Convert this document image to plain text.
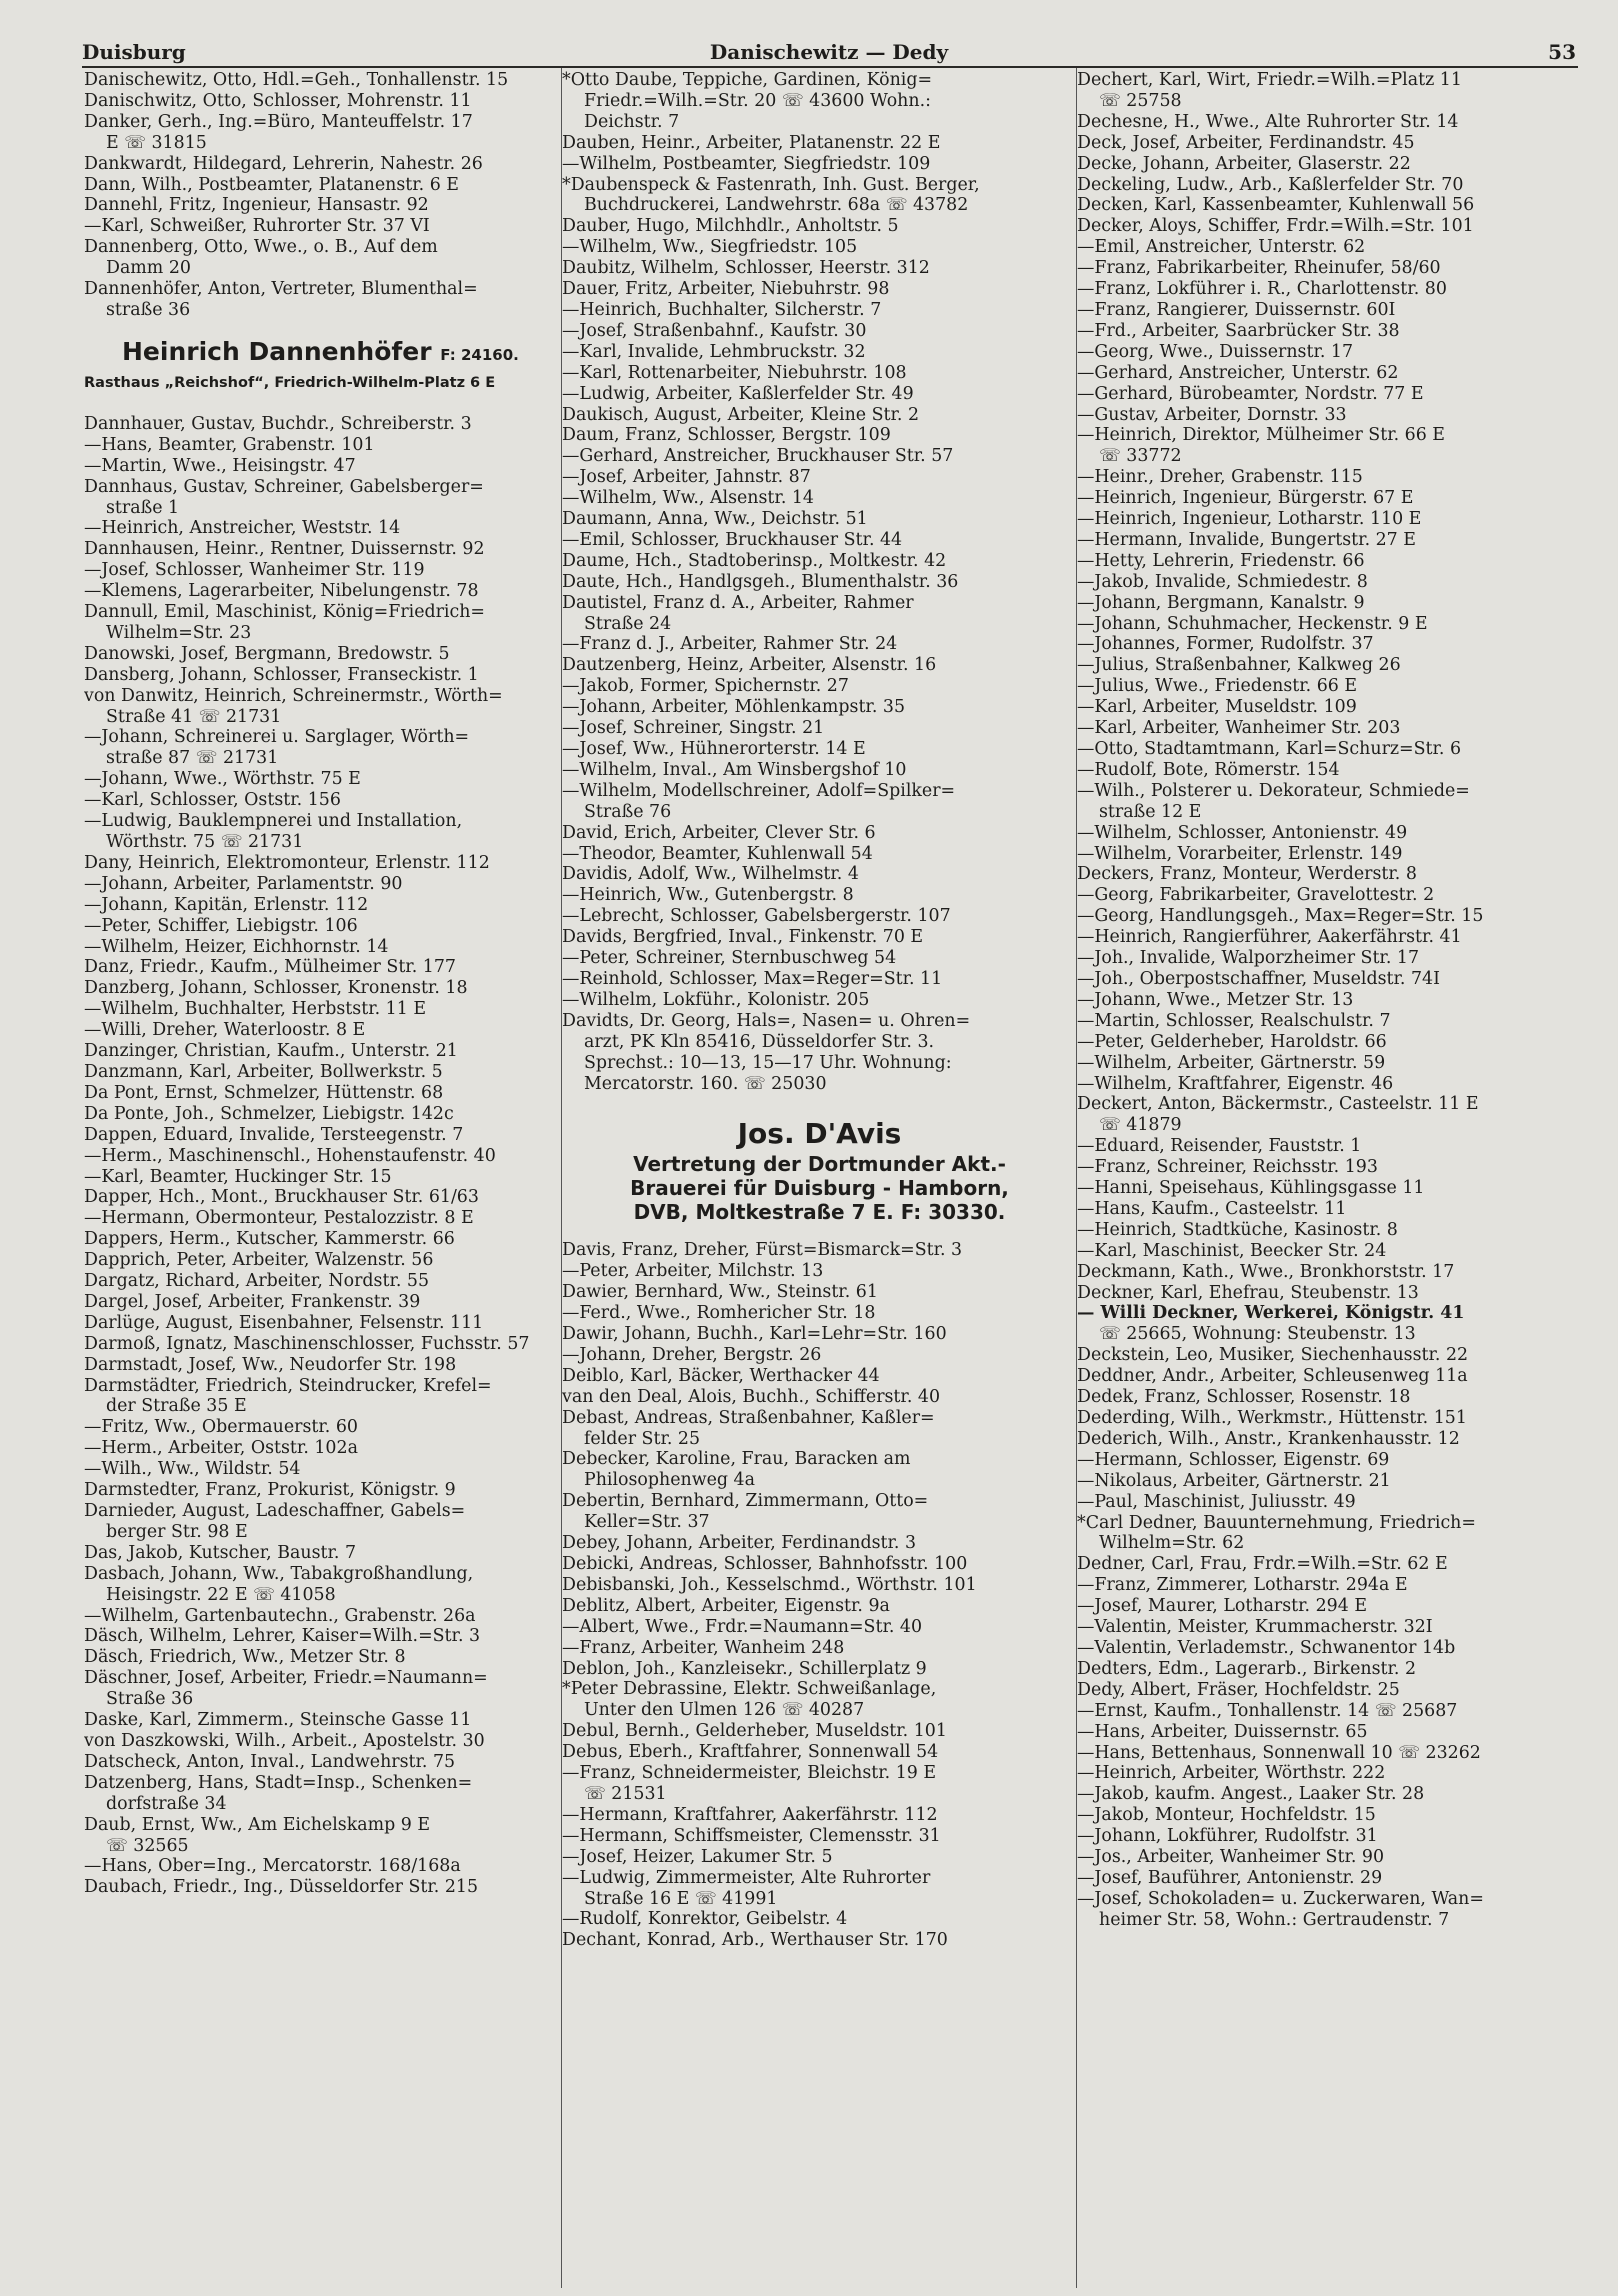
Duisburg	Danischewitz — Dedy	53
Danischewitz, Otto, Hdl.=Geh., Tonhallenstr. 15
Danischwitz, Otto, Schlosser, Mohrenstr. 11
Danker, Gerh., Ing.=Büro, Manteuffelstr. 17
E ☏ 31815
Dankwardt, Hildegard, Lehrerin, Nahestr. 26
Dann, Wilh., Postbeamter, Platanenstr. 6 E
Dannehl, Fritz, Ingenieur, Hansastr. 92
—Karl, Schweißer, Ruhrorter Str. 37 VI
Dannenberg, Otto, Wwe., o. B., Auf dem
Damm 20
Dannenhöfer, Anton, Vertreter, Blumenthal=
straße 36
Heinrich Dannenhöfer F: 24160.
Rasthaus „Reichshof“, Friedrich-Wilhelm-Platz 6 E
Dannhauer, Gustav, Buchdr., Schreiberstr. 3
—Hans, Beamter, Grabenstr. 101
—Martin, Wwe., Heisingstr. 47
Dannhaus, Gustav, Schreiner, Gabelsberger=
straße 1
—Heinrich, Anstreicher, Weststr. 14
Dannhausen, Heinr., Rentner, Duissernstr. 92
—Josef, Schlosser, Wanheimer Str. 119
—Klemens, Lagerarbeiter, Nibelungenstr. 78
Dannull, Emil, Maschinist, König=Friedrich=
Wilhelm=Str. 23
Danowski, Josef, Bergmann, Bredowstr. 5
Dansberg, Johann, Schlosser, Franseckistr. 1
von Danwitz, Heinrich, Schreinermstr., Wörth=
Straße 41 ☏ 21731
—Johann, Schreinerei u. Sarglager, Wörth=
straße 87 ☏ 21731
—Johann, Wwe., Wörthstr. 75 E
—Karl, Schlosser, Oststr. 156
—Ludwig, Bauklempnerei und Installation,
Wörthstr. 75 ☏ 21731
Dany, Heinrich, Elektromonteur, Erlenstr. 112
—Johann, Arbeiter, Parlamentstr. 90
—Johann, Kapitän, Erlenstr. 112
—Peter, Schiffer, Liebigstr. 106
—Wilhelm, Heizer, Eichhornstr. 14
Danz, Friedr., Kaufm., Mülheimer Str. 177
Danzberg, Johann, Schlosser, Kronenstr. 18
—Wilhelm, Buchhalter, Herbststr. 11 E
—Willi, Dreher, Waterloostr. 8 E
Danzinger, Christian, Kaufm., Unterstr. 21
Danzmann, Karl, Arbeiter, Bollwerkstr. 5
Da Pont, Ernst, Schmelzer, Hüttenstr. 68
Da Ponte, Joh., Schmelzer, Liebigstr. 142c
Dappen, Eduard, Invalide, Tersteegenstr. 7
—Herm., Maschinenschl., Hohenstaufenstr. 40
—Karl, Beamter, Huckinger Str. 15
Dapper, Hch., Mont., Bruckhauser Str. 61/63
—Hermann, Obermonteur, Pestalozzistr. 8 E
Dappers, Herm., Kutscher, Kammerstr. 66
Dapprich, Peter, Arbeiter, Walzenstr. 56
Dargatz, Richard, Arbeiter, Nordstr. 55
Dargel, Josef, Arbeiter, Frankenstr. 39
Darlüge, August, Eisenbahner, Felsenstr. 111
Darmoß, Ignatz, Maschinenschlosser, Fuchsstr. 57
Darmstadt, Josef, Ww., Neudorfer Str. 198
Darmstädter, Friedrich, Steindrucker, Krefel=
der Straße 35 E
—Fritz, Ww., Obermauerstr. 60
—Herm., Arbeiter, Oststr. 102a
—Wilh., Ww., Wildstr. 54
Darmstedter, Franz, Prokurist, Königstr. 9
Darnieder, August, Ladeschaffner, Gabels=
berger Str. 98 E
Das, Jakob, Kutscher, Baustr. 7
Dasbach, Johann, Ww., Tabakgroßhandlung,
Heisingstr. 22 E ☏ 41058
—Wilhelm, Gartenbautechn., Grabenstr. 26a
Däsch, Wilhelm, Lehrer, Kaiser=Wilh.=Str. 3
Däsch, Friedrich, Ww., Metzer Str. 8
Däschner, Josef, Arbeiter, Friedr.=Naumann=
Straße 36
Daske, Karl, Zimmerm., Steinsche Gasse 11
von Daszkowski, Wilh., Arbeit., Apostelstr. 30
Datscheck, Anton, Inval., Landwehrstr. 75
Datzenberg, Hans, Stadt=Insp., Schenken=
dorfstraße 34
Daub, Ernst, Ww., Am Eichelskamp 9 E
☏ 32565
—Hans, Ober=Ing., Mercatorstr. 168/168a
Daubach, Friedr., Ing., Düsseldorfer Str. 215
*Otto Daube, Teppiche, Gardinen, König=
Friedr.=Wilh.=Str. 20 ☏ 43600 Wohn.:
Deichstr. 7
Dauben, Heinr., Arbeiter, Platanenstr. 22 E
—Wilhelm, Postbeamter, Siegfriedstr. 109
*Daubenspeck & Fastenrath, Inh. Gust. Berger,
Buchdruckerei, Landwehrstr. 68a ☏ 43782
Dauber, Hugo, Milchhdlr., Anholtstr. 5
—Wilhelm, Ww., Siegfriedstr. 105
Daubitz, Wilhelm, Schlosser, Heerstr. 312
Dauer, Fritz, Arbeiter, Niebuhrstr. 98
—Heinrich, Buchhalter, Silcherstr. 7
—Josef, Straßenbahnf., Kaufstr. 30
—Karl, Invalide, Lehmbruckstr. 32
—Karl, Rottenarbeiter, Niebuhrstr. 108
—Ludwig, Arbeiter, Kaßlerfelder Str. 49
Daukisch, August, Arbeiter, Kleine Str. 2
Daum, Franz, Schlosser, Bergstr. 109
—Gerhard, Anstreicher, Bruckhauser Str. 57
—Josef, Arbeiter, Jahnstr. 87
—Wilhelm, Ww., Alsenstr. 14
Daumann, Anna, Ww., Deichstr. 51
—Emil, Schlosser, Bruckhauser Str. 44
Daume, Hch., Stadtoberinsp., Moltkestr. 42
Daute, Hch., Handlgsgeh., Blumenthalstr. 36
Dautistel, Franz d. A., Arbeiter, Rahmer
Straße 24
—Franz d. J., Arbeiter, Rahmer Str. 24
Dautzenberg, Heinz, Arbeiter, Alsenstr. 16
—Jakob, Former, Spichernstr. 27
—Johann, Arbeiter, Möhlenkampstr. 35
—Josef, Schreiner, Singstr. 21
—Josef, Ww., Hühnerorterstr. 14 E
—Wilhelm, Inval., Am Winsbergshof 10
—Wilhelm, Modellschreiner, Adolf=Spilker=
Straße 76
David, Erich, Arbeiter, Clever Str. 6
—Theodor, Beamter, Kuhlenwall 54
Davidis, Adolf, Ww., Wilhelmstr. 4
—Heinrich, Ww., Gutenbergstr. 8
—Lebrecht, Schlosser, Gabelsbergerstr. 107
Davids, Bergfried, Inval., Finkenstr. 70 E
—Peter, Schreiner, Sternbuschweg 54
—Reinhold, Schlosser, Max=Reger=Str. 11
—Wilhelm, Lokführ., Kolonistr. 205
Davidts, Dr. Georg, Hals=, Nasen= u. Ohren=
arzt, PK Kln 85416, Düsseldorfer Str. 3.
Sprechst.: 10—13, 15—17 Uhr. Wohnung:
Mercatorstr. 160. ☏ 25030
Jos. D'Avis
Vertretung der Dortmunder Akt.-
Brauerei für Duisburg - Hamborn,
DVB, Moltkestraße 7 E. F: 30330.
Davis, Franz, Dreher, Fürst=Bismarck=Str. 3
—Peter, Arbeiter, Milchstr. 13
Dawier, Bernhard, Ww., Steinstr. 61
—Ferd., Wwe., Romhericher Str. 18
Dawir, Johann, Buchh., Karl=Lehr=Str. 160
—Johann, Dreher, Bergstr. 26
Deiblo, Karl, Bäcker, Werthacker 44
van den Deal, Alois, Buchh., Schifferstr. 40
Debast, Andreas, Straßenbahner, Kaßler=
felder Str. 25
Debecker, Karoline, Frau, Baracken am
Philosophenweg 4a
Debertin, Bernhard, Zimmermann, Otto=
Keller=Str. 37
Debey, Johann, Arbeiter, Ferdinandstr. 3
Debicki, Andreas, Schlosser, Bahnhofsstr. 100
Debisbanski, Joh., Kesselschmd., Wörthstr. 101
Deblitz, Albert, Arbeiter, Eigenstr. 9a
—Albert, Wwe., Frdr.=Naumann=Str. 40
—Franz, Arbeiter, Wanheim 248
Deblon, Joh., Kanzleisekr., Schillerplatz 9
*Peter Debrassine, Elektr. Schweißanlage,
Unter den Ulmen 126 ☏ 40287
Debul, Bernh., Gelderheber, Museldstr. 101
Debus, Eberh., Kraftfahrer, Sonnenwall 54
—Franz, Schneidermeister, Bleichstr. 19 E
☏ 21531
—Hermann, Kraftfahrer, Aakerfährstr. 112
—Hermann, Schiffsmeister, Clemensstr. 31
—Josef, Heizer, Lakumer Str. 5
—Ludwig, Zimmermeister, Alte Ruhrorter
Straße 16 E ☏ 41991
—Rudolf, Konrektor, Geibelstr. 4
Dechant, Konrad, Arb., Werthauser Str. 170
Dechert, Karl, Wirt, Friedr.=Wilh.=Platz 11
☏ 25758
Dechesne, H., Wwe., Alte Ruhrorter Str. 14
Deck, Josef, Arbeiter, Ferdinandstr. 45
Decke, Johann, Arbeiter, Glaserstr. 22
Deckeling, Ludw., Arb., Kaßlerfelder Str. 70
Decken, Karl, Kassenbeamter, Kuhlenwall 56
Decker, Aloys, Schiffer, Frdr.=Wilh.=Str. 101
—Emil, Anstreicher, Unterstr. 62
—Franz, Fabrikarbeiter, Rheinufer, 58/60
—Franz, Lokführer i. R., Charlottenstr. 80
—Franz, Rangierer, Duissernstr. 60I
—Frd., Arbeiter, Saarbrücker Str. 38
—Georg, Wwe., Duissernstr. 17
—Gerhard, Anstreicher, Unterstr. 62
—Gerhard, Bürobeamter, Nordstr. 77 E
—Gustav, Arbeiter, Dornstr. 33
—Heinrich, Direktor, Mülheimer Str. 66 E
☏ 33772
—Heinr., Dreher, Grabenstr. 115
—Heinrich, Ingenieur, Bürgerstr. 67 E
—Heinrich, Ingenieur, Lotharstr. 110 E
—Hermann, Invalide, Bungertstr. 27 E
—Hetty, Lehrerin, Friedenstr. 66
—Jakob, Invalide, Schmiedestr. 8
—Johann, Bergmann, Kanalstr. 9
—Johann, Schuhmacher, Heckenstr. 9 E
—Johannes, Former, Rudolfstr. 37
—Julius, Straßenbahner, Kalkweg 26
—Julius, Wwe., Friedenstr. 66 E
—Karl, Arbeiter, Museldstr. 109
—Karl, Arbeiter, Wanheimer Str. 203
—Otto, Stadtamtmann, Karl=Schurz=Str. 6
—Rudolf, Bote, Römerstr. 154
—Wilh., Polsterer u. Dekorateur, Schmiede=
straße 12 E
—Wilhelm, Schlosser, Antonienstr. 49
—Wilhelm, Vorarbeiter, Erlenstr. 149
Deckers, Franz, Monteur, Werderstr. 8
—Georg, Fabrikarbeiter, Gravelottestr. 2
—Georg, Handlungsgeh., Max=Reger=Str. 15
—Heinrich, Rangierführer, Aakerfährstr. 41
—Joh., Invalide, Walporzheimer Str. 17
—Joh., Oberpostschaffner, Museldstr. 74I
—Johann, Wwe., Metzer Str. 13
—Martin, Schlosser, Realschulstr. 7
—Peter, Gelderheber, Haroldstr. 66
—Wilhelm, Arbeiter, Gärtnerstr. 59
—Wilhelm, Kraftfahrer, Eigenstr. 46
Deckert, Anton, Bäckermstr., Casteelstr. 11 E
☏ 41879
—Eduard, Reisender, Fauststr. 1
—Franz, Schreiner, Reichsstr. 193
—Hanni, Speisehaus, Kühlingsgasse 11
—Hans, Kaufm., Casteelstr. 11
—Heinrich, Stadtküche, Kasinostr. 8
—Karl, Maschinist, Beecker Str. 24
Deckmann, Kath., Wwe., Bronkhorststr. 17
Deckner, Karl, Ehefrau, Steubenstr. 13
— Willi Deckner, Werkerei, Königstr. 41
☏ 25665, Wohnung: Steubenstr. 13
Deckstein, Leo, Musiker, Siechenhausstr. 22
Deddner, Andr., Arbeiter, Schleusenweg 11a
Dedek, Franz, Schlosser, Rosenstr. 18
Dederding, Wilh., Werkmstr., Hüttenstr. 151
Dederich, Wilh., Anstr., Krankenhausstr. 12
—Hermann, Schlosser, Eigenstr. 69
—Nikolaus, Arbeiter, Gärtnerstr. 21
—Paul, Maschinist, Juliusstr. 49
*Carl Dedner, Bauunternehmung, Friedrich=
Wilhelm=Str. 62
Dedner, Carl, Frau, Frdr.=Wilh.=Str. 62 E
—Franz, Zimmerer, Lotharstr. 294a E
—Josef, Maurer, Lotharstr. 294 E
—Valentin, Meister, Krummacherstr. 32I
—Valentin, Verlademstr., Schwanentor 14b
Dedters, Edm., Lagerarb., Birkenstr. 2
Dedy, Albert, Fräser, Hochfeldstr. 25
—Ernst, Kaufm., Tonhallenstr. 14 ☏ 25687
—Hans, Arbeiter, Duissernstr. 65
—Hans, Bettenhaus, Sonnenwall 10 ☏ 23262
—Heinrich, Arbeiter, Wörthstr. 222
—Jakob, kaufm. Angest., Laaker Str. 28
—Jakob, Monteur, Hochfeldstr. 15
—Johann, Lokführer, Rudolfstr. 31
—Jos., Arbeiter, Wanheimer Str. 90
—Josef, Bauführer, Antonienstr. 29
—Josef, Schokoladen= u. Zuckerwaren, Wan=
heimer Str. 58, Wohn.: Gertraudenstr. 7
